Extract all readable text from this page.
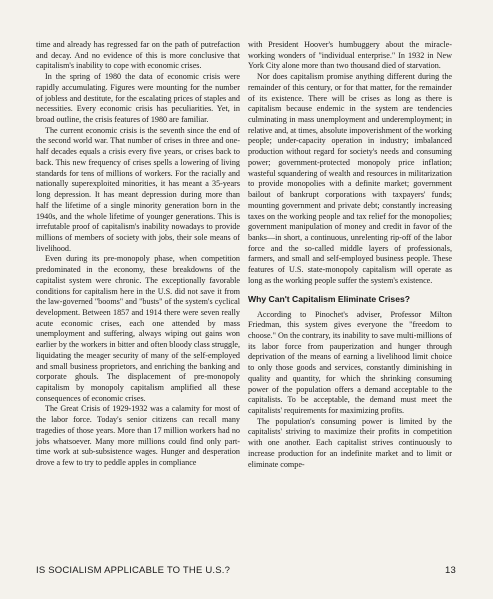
time and already has regressed far on the path of putrefaction and decay. And no evidence of this is more conclusive that capitalism's inability to cope with economic crises.

In the spring of 1980 the data of economic crisis were rapidly accumulating. Figures were mounting for the number of jobless and destitute, for the escalating prices of staples and necessities. Every economic crisis has peculiarities. Yet, in broad outline, the crisis features of 1980 are familiar.

The current economic crisis is the seventh since the end of the second world war. That number of crises in three and one-half decades equals a crisis every five years, or crises back to back. This new frequency of crises spells a lowering of living standards for tens of millions of workers. For the racially and nationally superexploited minorities, it has meant a 35-years long depression. It has meant depression during more than half the lifetime of a single minority generation born in the 1940s, and the whole lifetime of younger generations. This is irrefutable proof of capitalism's inability nowadays to provide millions of members of society with jobs, their sole means of livelihood.

Even during its pre-monopoly phase, when competition predominated in the economy, these breakdowns of the capitalist system were chronic. The exceptionally favorable conditions for capitalism here in the U.S. did not save it from the law-governed "booms" and "busts" of the system's cyclical development. Between 1857 and 1914 there were seven really acute economic crises, each one attended by mass unemployment and suffering, always wiping out gains won earlier by the workers in bitter and often bloody class struggle, liquidating the meager security of many of the self-employed and small business proprietors, and enriching the banking and corporate ghouls. The displacement of pre-monopoly capitalism by monopoly capitalism amplified all these consequences of economic crises.

The Great Crisis of 1929-1932 was a calamity for most of the labor force. Today's senior citizens can recall many tragedies of those years. More than 17 million workers had no jobs whatsoever. Many more millions could find only part-time work at sub-subsistence wages. Hunger and desperation drove a few to try to peddle apples in compliance

with President Hoover's humbuggery about the miracle-working wonders of "individual enterprise." In 1932 in New York City alone more than two thousand died of starvation.

Nor does capitalism promise anything different during the remainder of this century, or for that matter, for the remainder of its existence. There will be crises as long as there is capitalism because endemic in the system are tendencies culminating in mass unemployment and underemployment; in relative and, at times, absolute impoverishment of the working people; under-capacity operation in industry; imbalanced production without regard for society's needs and consuming power; government-protected monopoly price inflation; wasteful squandering of wealth and resources in militarization to provide monopolies with a definite market; government bailout of bankrupt corporations with taxpayers' funds; mounting government and private debt; constantly increasing taxes on the working people and tax relief for the monopolies; government manipulation of money and credit in favor of the banks—in short, a continuous, unrelenting rip-off of the labor force and the so-called middle layers of professionals, farmers, and small and self-employed business people. These features of U.S. state-monopoly capitalism will operate as long as the working people suffer the system's existence.

Why Can't Capitalism Eliminate Crises?

According to Pinochet's adviser, Professor Milton Friedman, this system gives everyone the "freedom to choose." On the contrary, its inability to save multi-millions of its labor force from pauperization and hunger through deprivation of the means of earning a livelihood limit choice to only those goods and services, constantly diminishing in quality and quantity, for which the shrinking consuming power of the population offers a demand acceptable to the capitalists. To be acceptable, the demand must meet the capitalists' requirements for maximizing profits.

The population's consuming power is limited by the capitalists' striving to maximize their profits in competition with one another. Each capitalist strives continuously to increase production for an indefinite market and to limit or eliminate compe-

IS SOCIALISM APPLICABLE TO THE U.S.?	13
